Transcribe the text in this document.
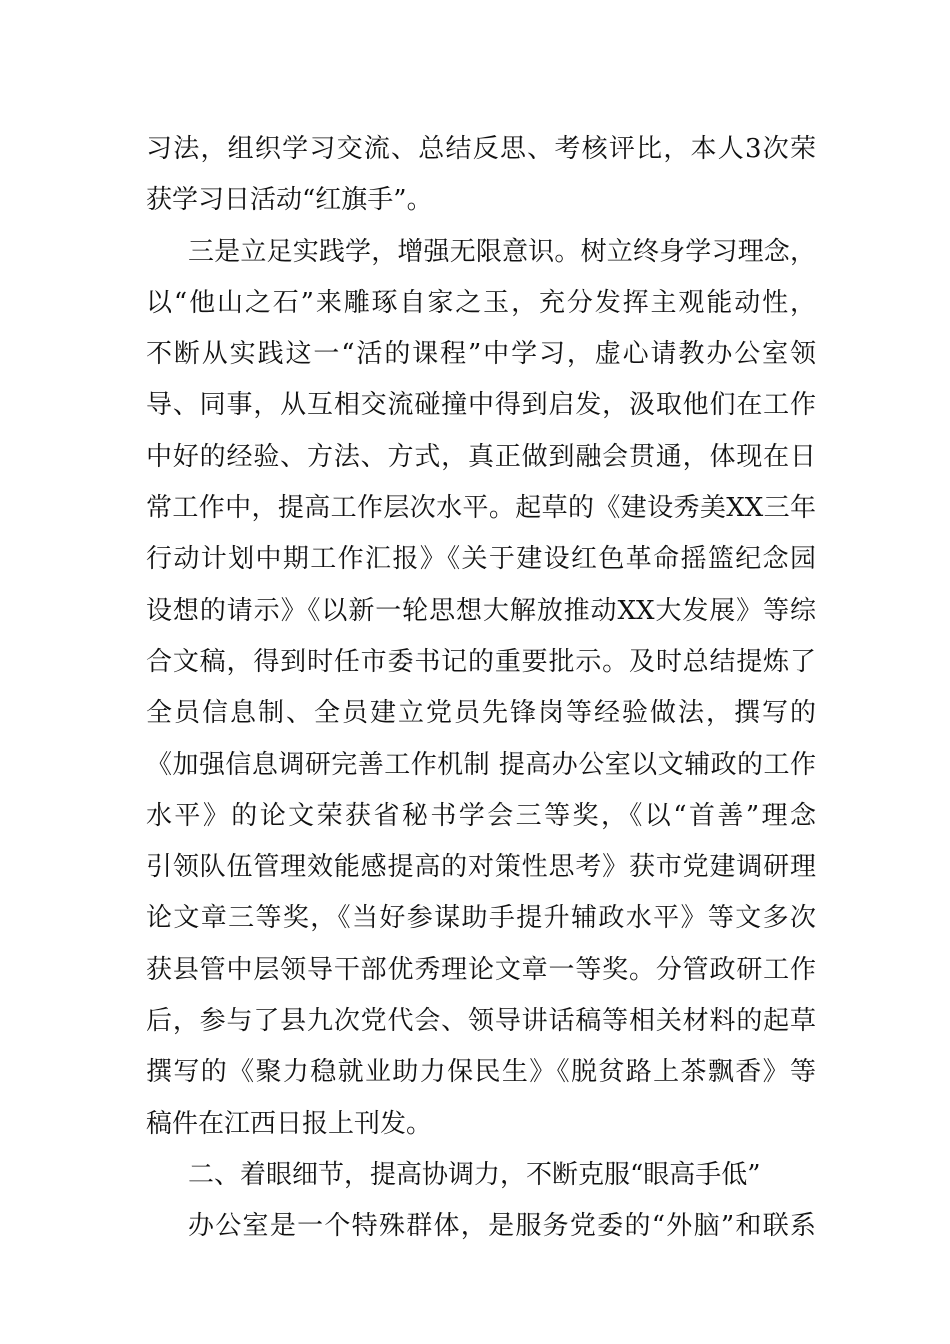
习法，组织学习交流、总结反思、考核评比，本人3次荣
获学习日活动“红旗手”。
三是立足实践学，增强无限意识。树立终身学习理念，
以“他山之石”来雕琢自家之玉，充分发挥主观能动性，
不断从实践这一“活的课程”中学习，虚心请教办公室领
导、同事，从互相交流碰撞中得到启发，汲取他们在工作
中好的经验、方法、方式，真正做到融会贯通，体现在日
常工作中，提高工作层次水平。起草的《建设秀美XX三年
行动计划中期工作汇报》《关于建设红色革命摇篮纪念园
设想的请示》《以新一轮思想大解放推动XX大发展》等综
合文稿，得到时任市委书记的重要批示。及时总结提炼了
全员信息制、全员建立党员先锋岗等经验做法，撰写的
《加强信息调研完善工作机制 提高办公室以文辅政的工作
水平》的论文荣获省秘书学会三等奖，《以“首善”理念
引领队伍管理效能感提高的对策性思考》获市党建调研理
论文章三等奖，《当好参谋助手提升辅政水平》等文多次
获县管中层领导干部优秀理论文章一等奖。分管政研工作
后，参与了县九次党代会、领导讲话稿等相关材料的起草
撰写的《聚力稳就业助力保民生》《脱贫路上茶飘香》等
稿件在江西日报上刊发。
二、着眼细节，提高协调力，不断克服“眼高手低”
办公室是一个特殊群体，是服务党委的“外脑”和联系
